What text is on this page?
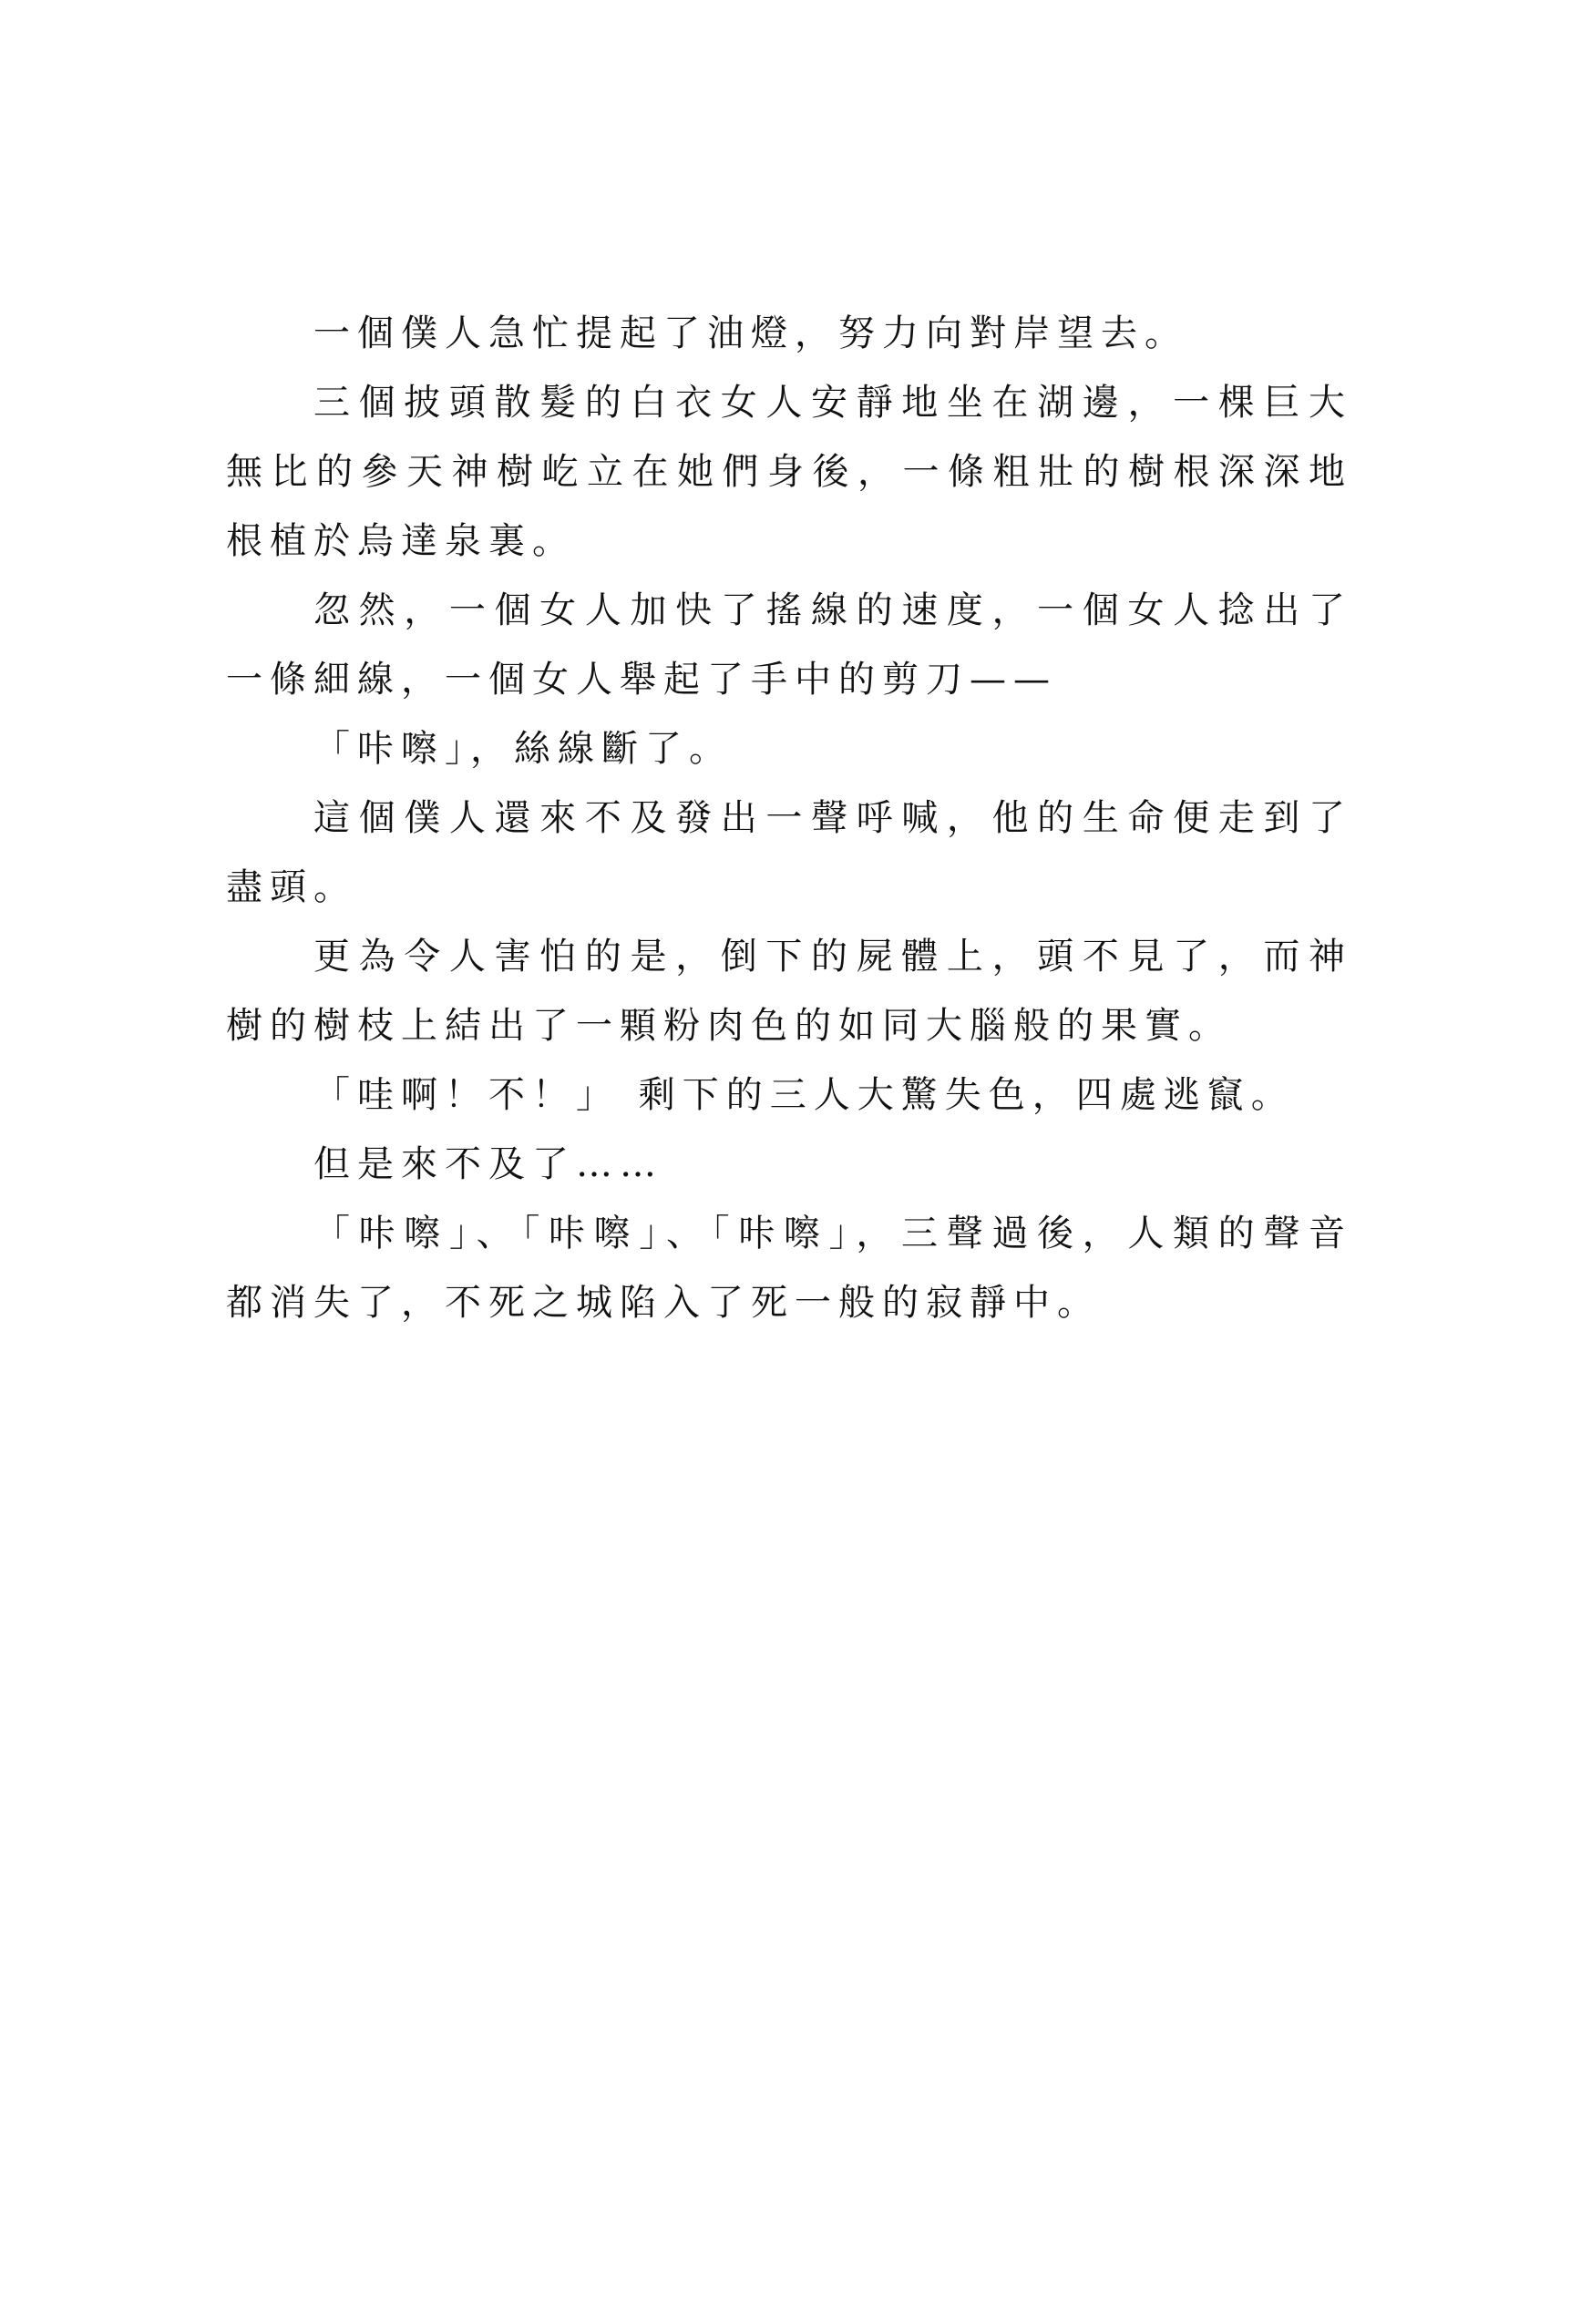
一個僕人急忙提起了油燈，努力向對岸望去。

三個披頭散髮的白衣女人安靜地坐在湖邊，一棵巨大無比的參天神樹屹立在她們身後，一條粗壯的樹根深深地根植於烏達泉裏。

忽然，一個女人加快了搖線的速度，一個女人捻出了一條細線，一個女人舉起了手中的剪刀——

「咔嚓」，絲線斷了。

這個僕人還來不及發出一聲呼喊，他的生命便走到了盡頭。

更為令人害怕的是，倒下的屍體上，頭不見了，而神樹的樹枝上結出了一顆粉肉色的如同大腦般的果實。

「哇啊！不！」 剩下的三人大驚失色，四處逃竄。

但是來不及了……

「咔嚓」、「咔嚓」、「咔嚓」，三聲過後，人類的聲音都消失了，不死之城陷入了死一般的寂靜中。
